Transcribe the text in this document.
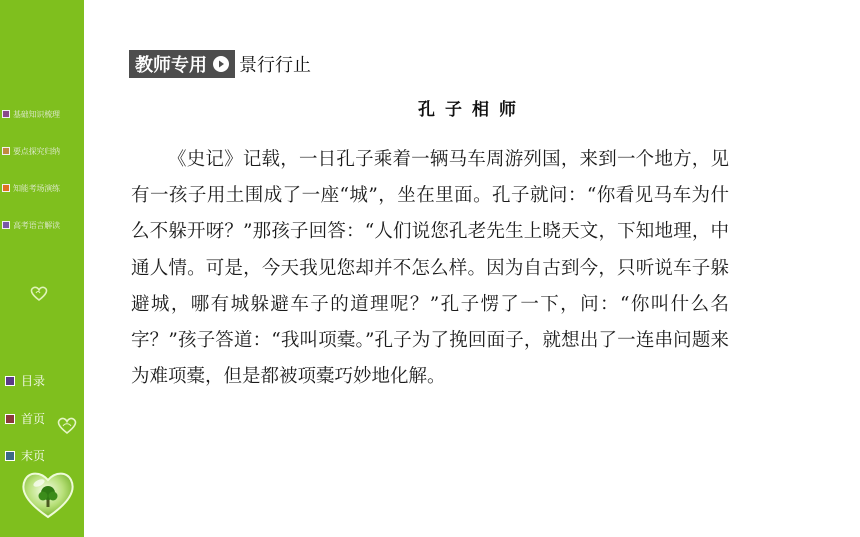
基础知识梳理
要点探究归纳
知能考场演练
高考语言解读
目录
首页
末页
教师专用 景行行止
孔子相师

《史记》记载，一日孔子乘着一辆马车周游列国，来到一个地方，见有一孩子用土围成了一座“城”，坐在里面。孔子就问：“你看见马车为什么不躲开呀？”那孩子回答：“人们说您孔老先生上晓天文，下知地理，中通人情。可是，今天我见您却并不怎么样。因为自古到今，只听说车子躲避城，哪有城躲避车子的道理呢？”孔子愣了一下，问：“你叫什么名字？”孩子答道：“我叫项橐。”孔子为了挽回面子，就想出了一连串问题来为难项橐，但是都被项橐巧妙地化解。
